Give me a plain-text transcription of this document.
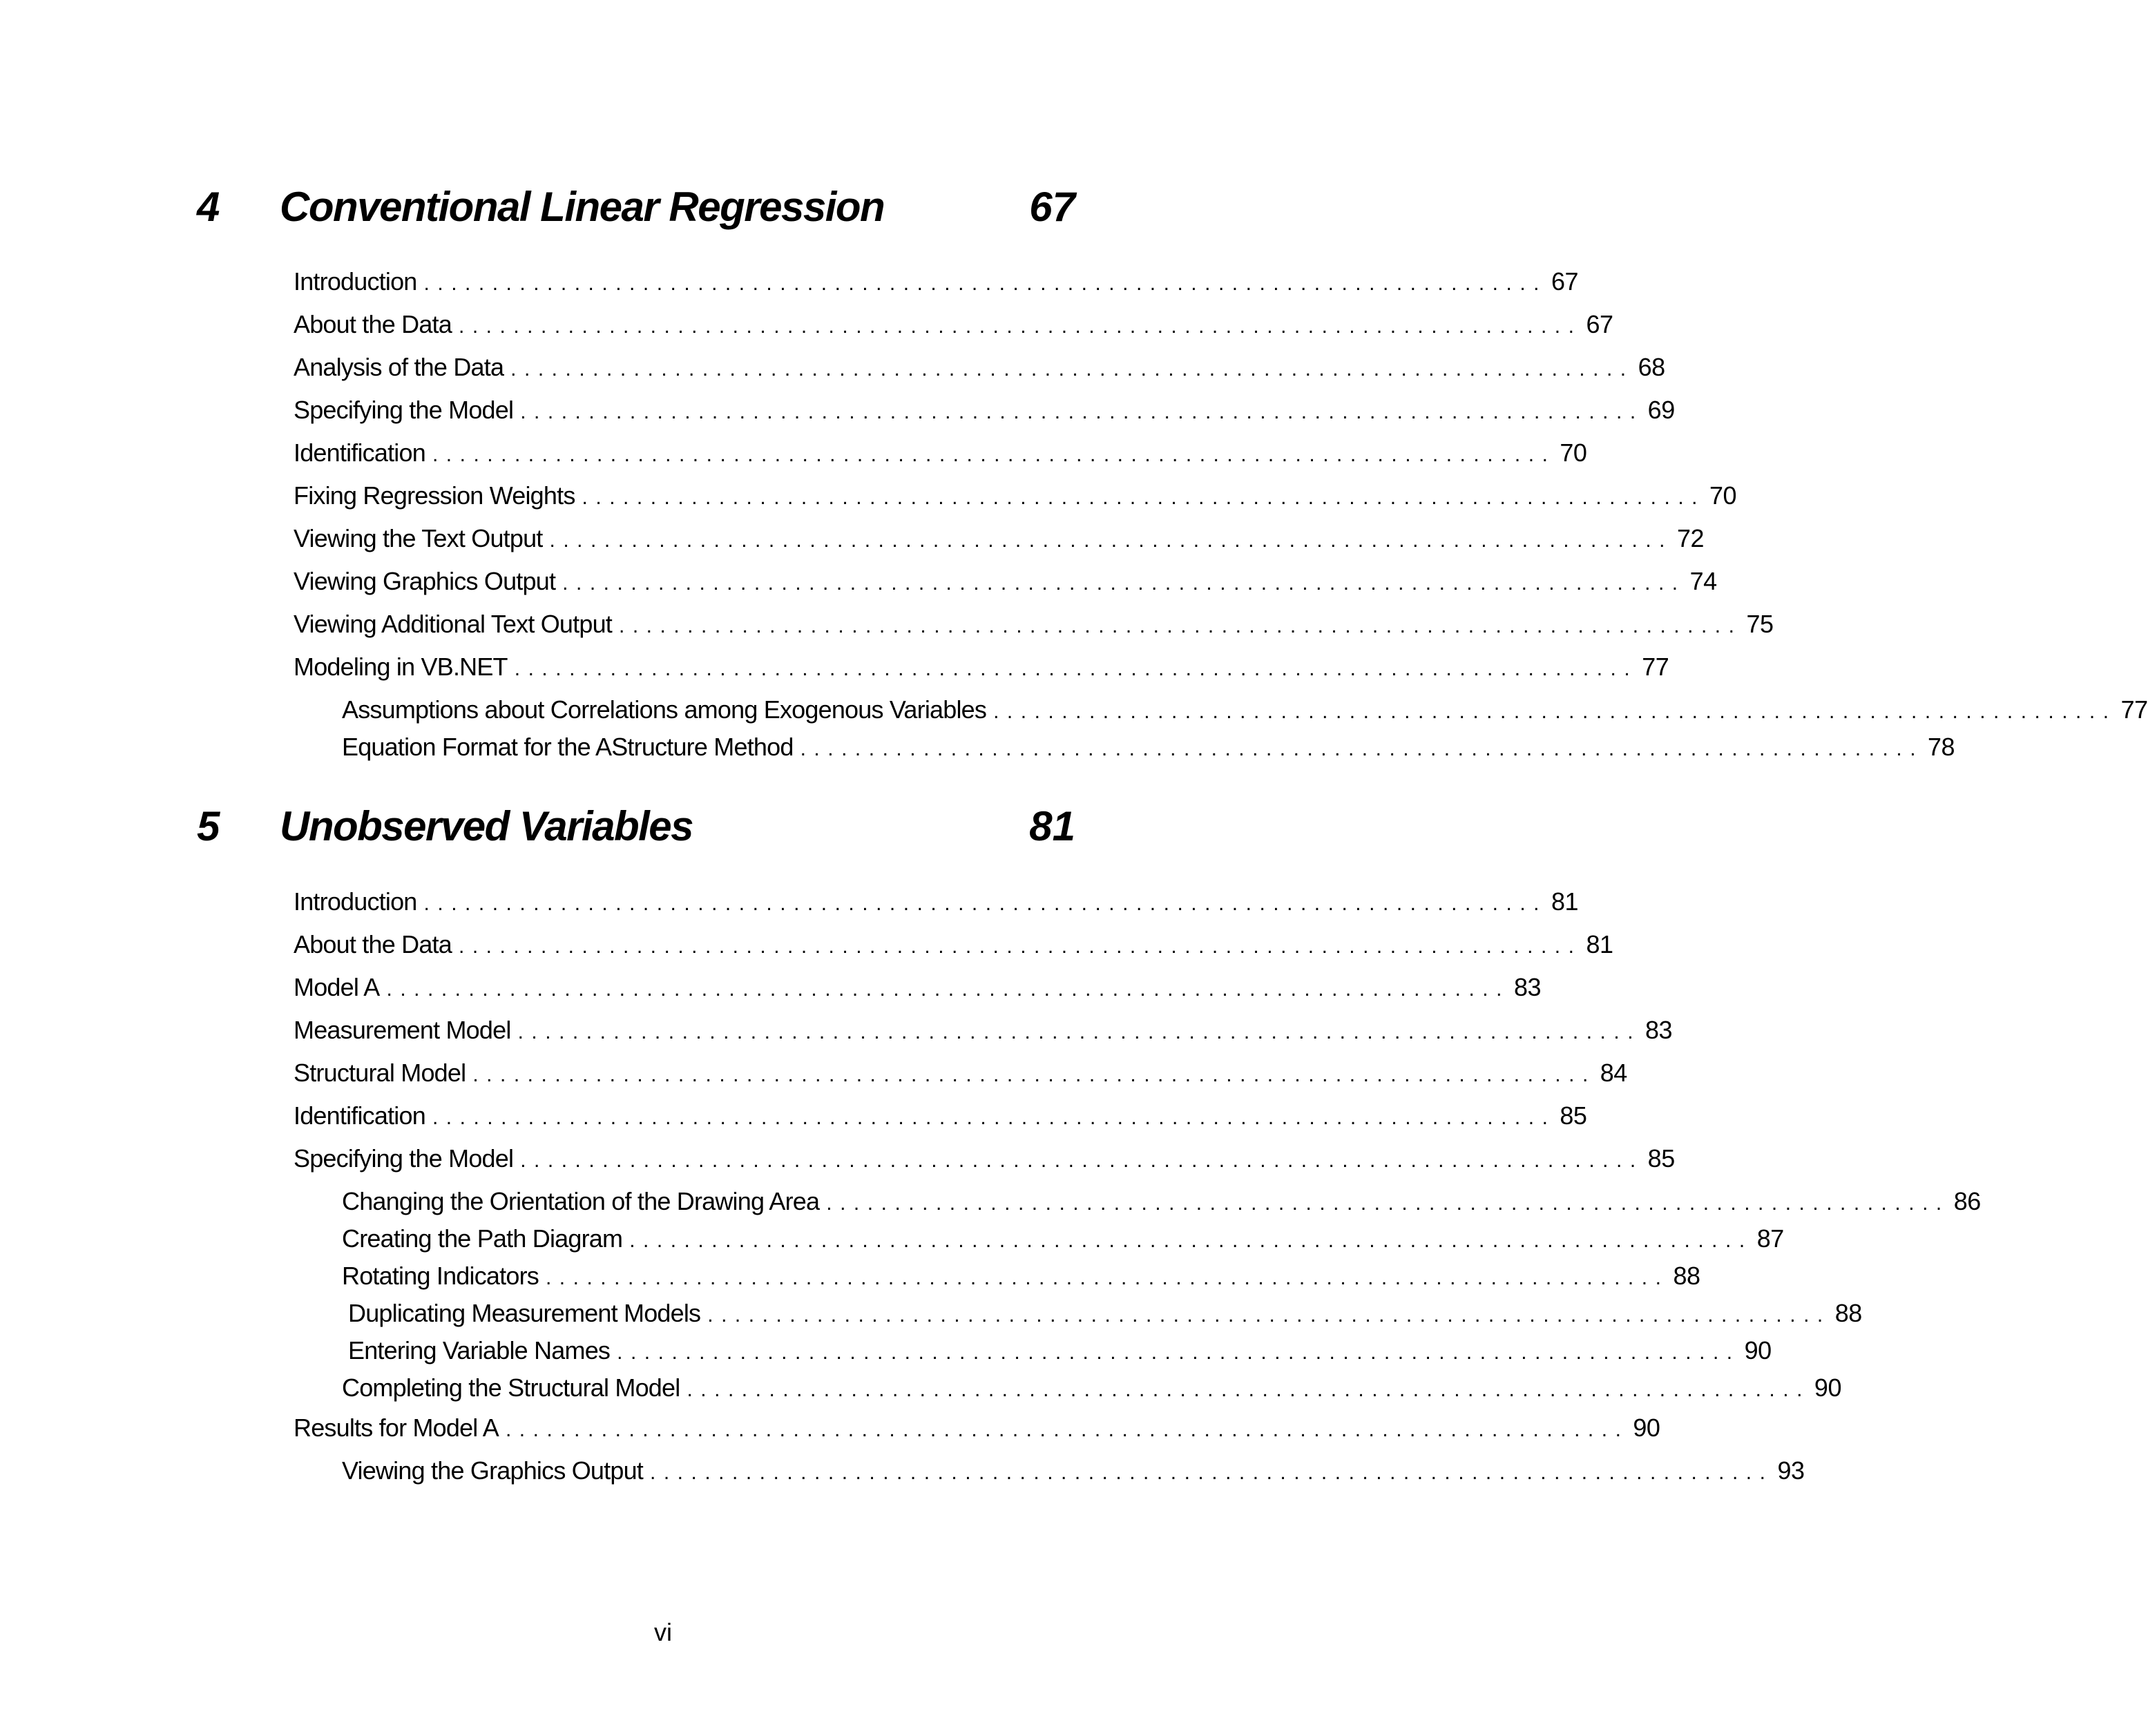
4 Conventional Linear Regression	67
Introduction .................................................................................. 67
About the Data .................................................................................. 67
Analysis of the Data .................................................................................. 68
Specifying the Model .................................................................................. 69
Identification .................................................................................. 70
Fixing Regression Weights .................................................................................. 70
Viewing the Text Output .................................................................................. 72
Viewing Graphics Output .................................................................................. 74
Viewing Additional Text Output .................................................................................. 75
Modeling in VB.NET .................................................................................. 77
Assumptions about Correlations among Exogenous Variables .................................................................................. 77
Equation Format for the AStructure Method .................................................................................. 78
5 Unobserved Variables	81
Introduction .................................................................................. 81
About the Data .................................................................................. 81
Model A .................................................................................. 83
Measurement Model .................................................................................. 83
Structural Model .................................................................................. 84
Identification .................................................................................. 85
Specifying the Model .................................................................................. 85
Changing the Orientation of the Drawing Area .................................................................................. 86
Creating the Path Diagram .................................................................................. 87
Rotating Indicators .................................................................................. 88
Duplicating Measurement Models .................................................................................. 88
Entering Variable Names .................................................................................. 90
Completing the Structural Model .................................................................................. 90
Results for Model A .................................................................................. 90
Viewing the Graphics Output .................................................................................. 93
vi
